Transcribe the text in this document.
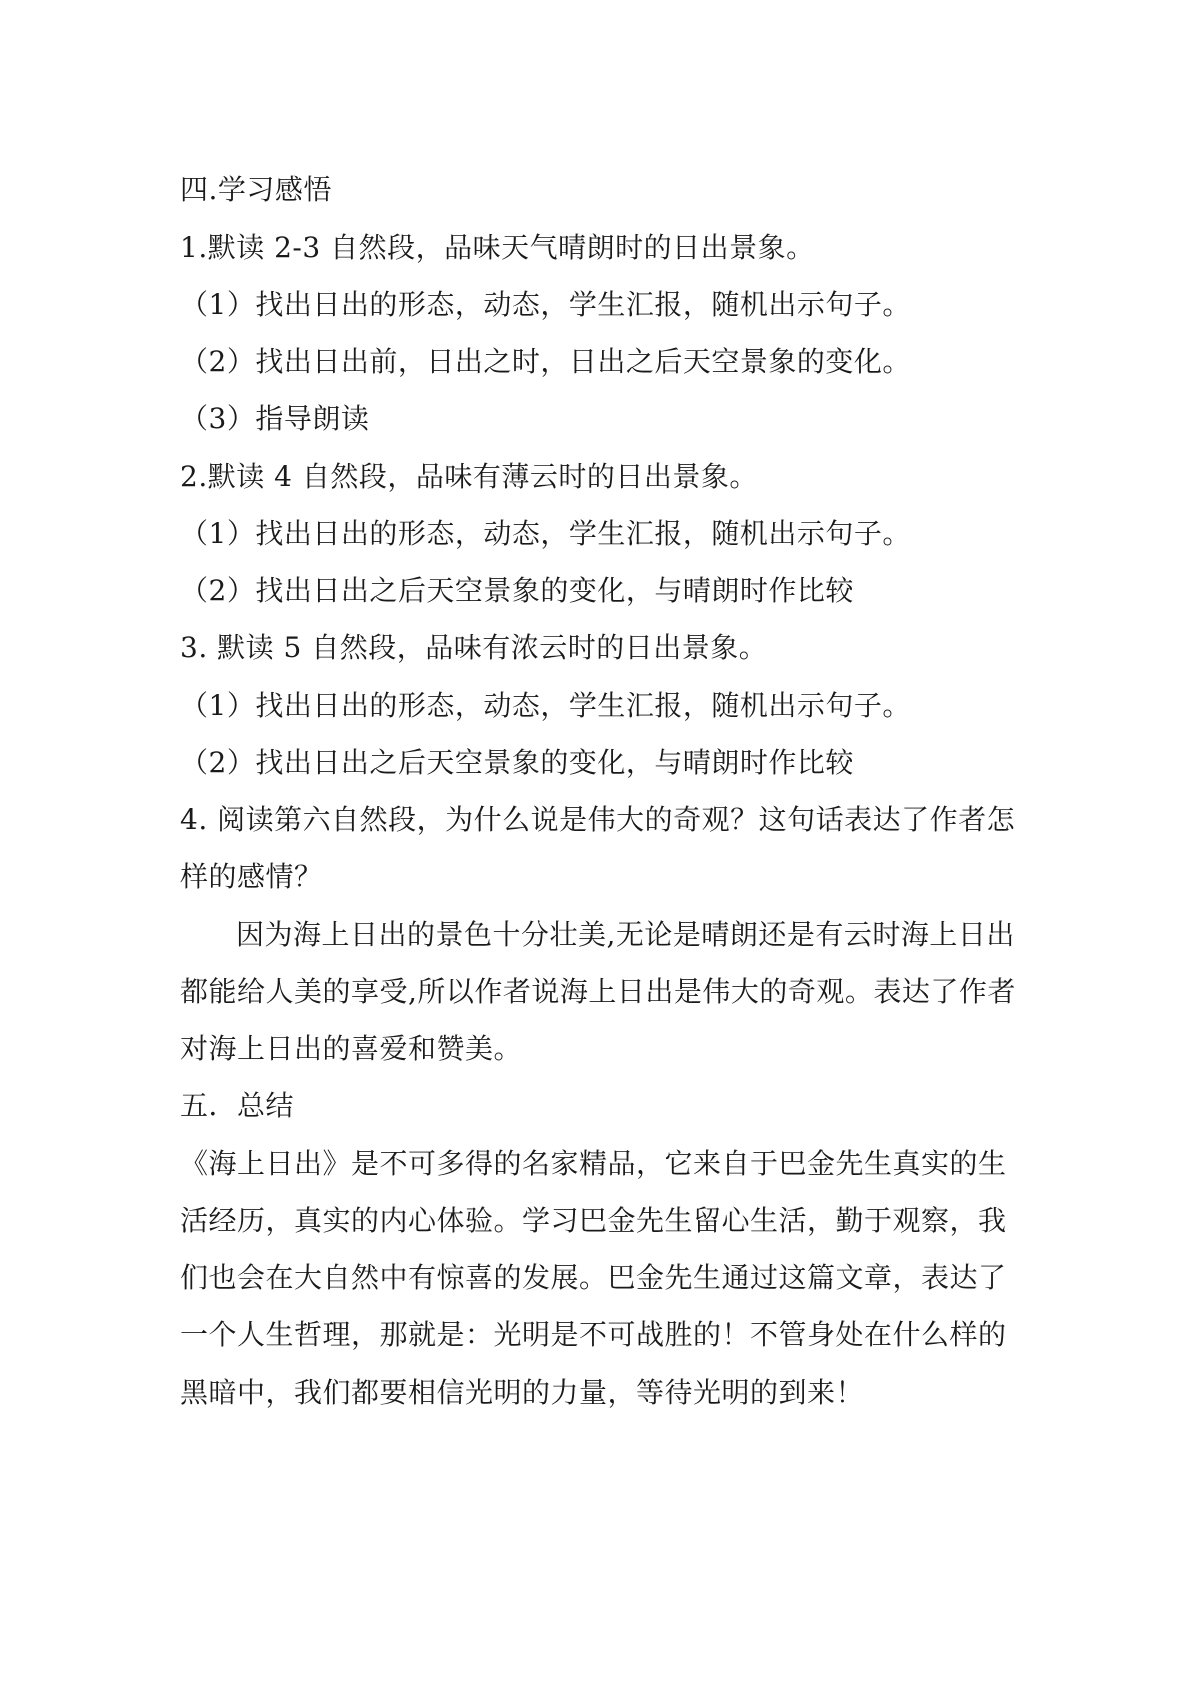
四.学习感悟
1.默读 2-3 自然段，品味天气晴朗时的日出景象。
（1）找出日出的形态，动态，学生汇报，随机出示句子。
（2）找出日出前，日出之时，日出之后天空景象的变化。
（3）指导朗读
2.默读 4 自然段，品味有薄云时的日出景象。
（1）找出日出的形态，动态，学生汇报，随机出示句子。
（2）找出日出之后天空景象的变化，与晴朗时作比较
3. 默读 5 自然段，品味有浓云时的日出景象。
（1）找出日出的形态，动态，学生汇报，随机出示句子。
（2）找出日出之后天空景象的变化，与晴朗时作比较
4. 阅读第六自然段，为什么说是伟大的奇观？这句话表达了作者怎
样的感情？
因为海上日出的景色十分壮美,无论是晴朗还是有云时海上日出
都能给人美的享受,所以作者说海上日出是伟大的奇观。表达了作者
对海上日出的喜爱和赞美。
五．总结
《海上日出》是不可多得的名家精品，它来自于巴金先生真实的生
活经历，真实的内心体验。学习巴金先生留心生活，勤于观察，我
们也会在大自然中有惊喜的发展。巴金先生通过这篇文章，表达了
一个人生哲理，那就是：光明是不可战胜的！不管身处在什么样的
黑暗中，我们都要相信光明的力量，等待光明的到来！
